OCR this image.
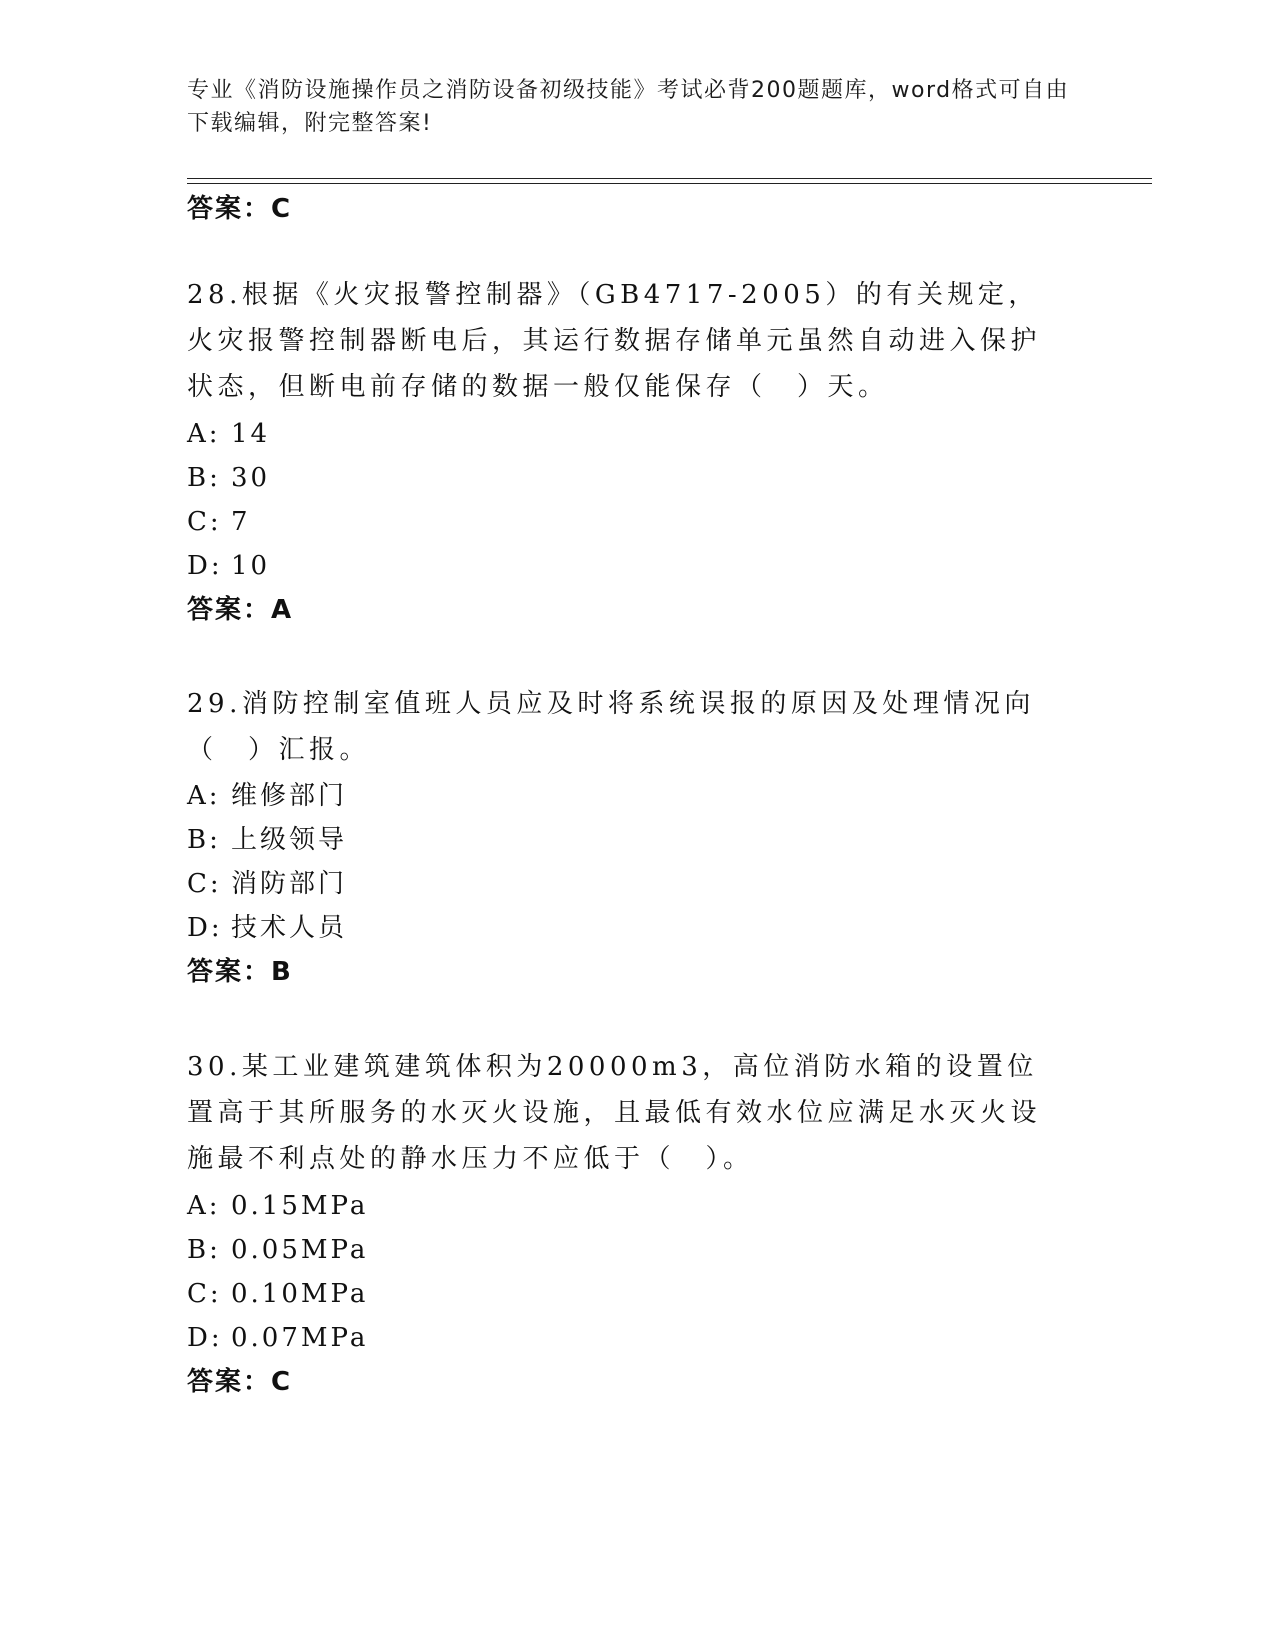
专业《消防设施操作员之消防设备初级技能》考试必背200题题库，word格式可自由下载编辑，附完整答案!
答案：C
28.根据《火灾报警控制器》（GB4717-2005）的有关规定，火灾报警控制器断电后，其运行数据存储单元虽然自动进入保护状态，但断电前存储的数据一般仅能保存（　）天。
A: 14
B: 30
C: 7
D: 10
答案：A
29.消防控制室值班人员应及时将系统误报的原因及处理情况向（　）汇报。
A: 维修部门
B: 上级领导
C: 消防部门
D: 技术人员
答案：B
30.某工业建筑建筑体积为20000m3，高位消防水箱的设置位置高于其所服务的水灭火设施，且最低有效水位应满足水灭火设施最不利点处的静水压力不应低于（　）。
A: 0.15MPa
B: 0.05MPa
C: 0.10MPa
D: 0.07MPa
答案：C
